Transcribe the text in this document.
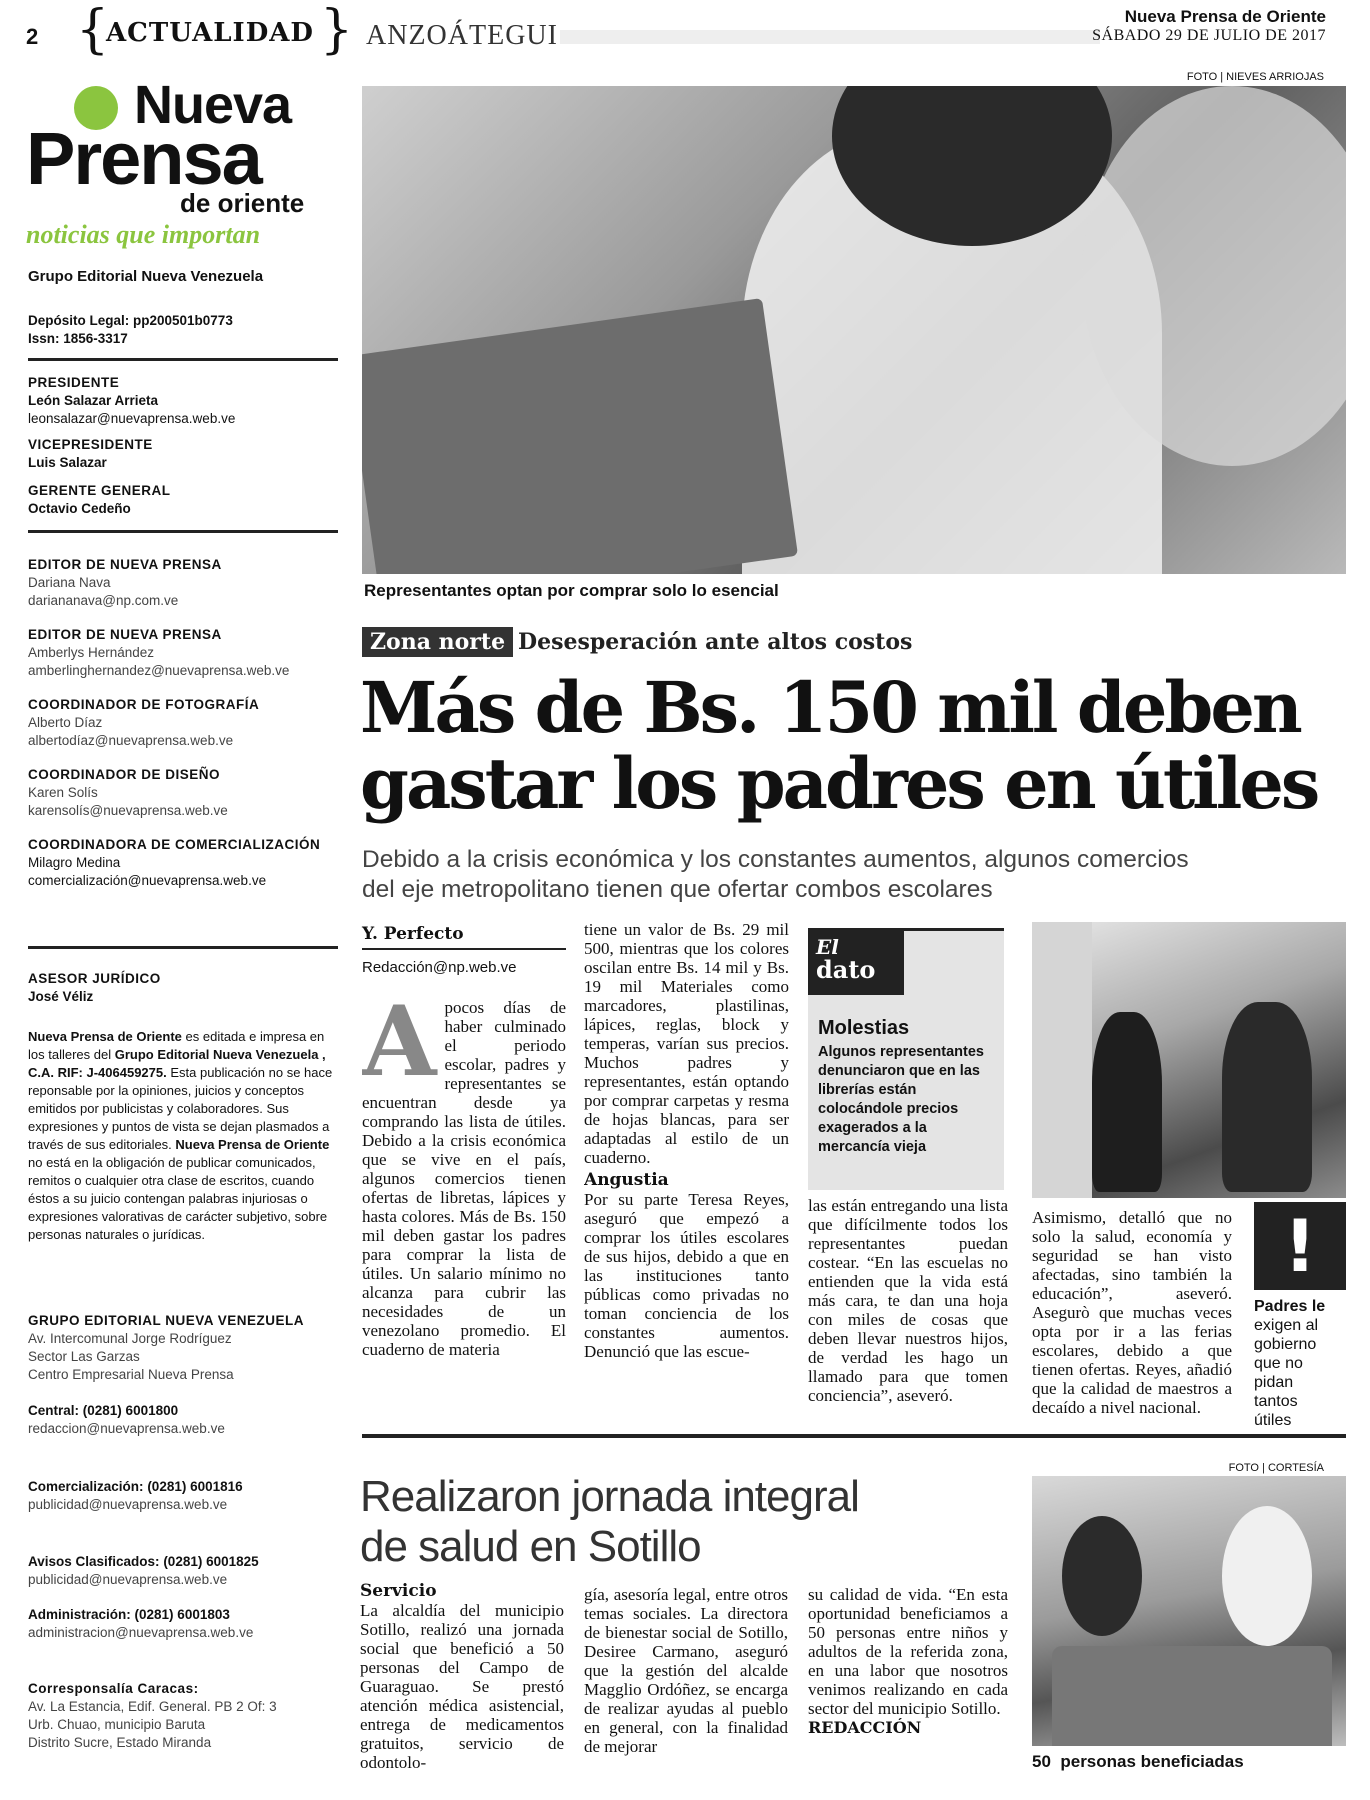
2 {
ACTUALIDAD } ANZOÁTEGUI
Nueva Prensa de Oriente
SÁBADO 29 DE JULIO DE 2017
Nueva
Prensa
de oriente
noticias que importan
Grupo Editorial Nueva Venezuela
Depósito Legal: pp200501b0773
Issn: 1856-3317
PRESIDENTE
León Salazar Arrieta
leonsalazar@nuevaprensa.web.ve
VICEPRESIDENTE
Luis Salazar
GERENTE GENERAL
Octavio Cedeño
EDITOR DE NUEVA PRENSA
Dariana Nava
dariananava@np.com.ve
EDITOR DE NUEVA PRENSA
Amberlys Hernández
amberlinghernandez@nuevaprensa.web.ve
COORDINADOR DE FOTOGRAFÍA
Alberto Díaz
albertodíaz@nuevaprensa.web.ve
COORDINADOR DE DISEÑO
Karen Solís
karensolís@nuevaprensa.web.ve
COORDINADORA DE COMERCIALIZACIÓN
Milagro Medina
comercialización@nuevaprensa.web.ve
ASESOR JURÍDICO
José Véliz
Nueva Prensa de Oriente es editada e impresa en los talleres del Grupo Editorial Nueva Venezuela , C.A. RIF: J-406459275. Esta publicación no se hace reponsable por la opiniones, juicios y conceptos emitidos por publicistas y colaboradores. Sus expresiones y puntos de vista se dejan plasmados a través de sus editoriales. Nueva Prensa de Oriente no está en la obligación de publicar comunicados, remitos o cualquier otra clase de escritos, cuando éstos a su juicio contengan palabras injuriosas o expresiones valorativas de carácter subjetivo, sobre personas naturales o jurídicas.
GRUPO EDITORIAL NUEVA VENEZUELA
Av. Intercomunal Jorge Rodríguez
Sector Las Garzas
Centro Empresarial Nueva Prensa
Central: (0281) 6001800
redaccion@nuevaprensa.web.ve
Comercialización: (0281) 6001816
publicidad@nuevaprensa.web.ve
Avisos Clasificados: (0281) 6001825
publicidad@nuevaprensa.web.ve
Administración: (0281) 6001803
administracion@nuevaprensa.web.ve
Corresponsalía Caracas:
Av. La Estancia, Edif. General. PB 2 Of: 3
Urb. Chuao, municipio Baruta
Distrito Sucre, Estado Miranda
FOTO | NIEVES ARRIOJAS
Representantes optan por comprar solo lo esencial
Zona norte Desesperación ante altos costos
Más de Bs. 150 mil deben
gastar los padres en útiles
Debido a la crisis económica y los constantes aumentos, algunos comercios
del eje metropolitano tienen que ofertar combos escolares
Y. Perfecto
Redacción@np.web.ve
A pocos días de haber culminado el periodo escolar, padres y representantes se encuentran desde ya comprando las lista de útiles. Debido a la crisis económica que se vive en el país, algunos comercios tienen ofertas de libretas, lápices y hasta colores. Más de Bs. 150 mil deben gastar los padres para comprar la lista de útiles. Un salario mínimo no alcanza para cubrir las necesidades de un venezolano promedio. El cuaderno de materia
tiene un valor de Bs. 29 mil 500, mientras que los colores oscilan entre Bs. 14 mil y Bs. 19 mil Materiales como marcadores, plastilinas, lápices, reglas, block y temperas, varían sus precios. Muchos padres y representantes, están optando por comprar carpetas y resma de hojas blancas, para ser adaptadas al estilo de un cuaderno.
Angustia
Por su parte Teresa Reyes, aseguró que empezó a comprar los útiles escolares de sus hijos, debido a que en las instituciones tanto públicas como privadas no toman conciencia de los constantes aumentos. Denunció que las escue-
El
dato
Molestias
Algunos representantes denunciaron que en las librerías están colocándole precios exagerados a la mercancía vieja
las están entregando una lista que difícilmente todos los representantes puedan costear. “En las escuelas no entienden que la vida está más cara, te dan una hoja con miles de cosas que deben llevar nuestros hijos, de verdad les hago un llamado para que tomen conciencia”, aseveró.
Asimismo, detalló que no solo la salud, economía y seguridad se han visto afectadas, sino también la educación”, aseveró. Asegurò que muchas veces opta por ir a las ferias escolares, debido a que tienen ofertas. Reyes, añadió que la calidad de maestros a decaído a nivel nacional.
!
Padres le
exigen al gobierno que no pidan tantos útiles
FOTO | CORTESÍA
Realizaron jornada integral
de salud en Sotillo
Servicio
La alcaldía del municipio Sotillo, realizó una jornada social que benefició a 50 personas del Campo de Guaraguao. Se prestó atención médica asistencial, entrega de medicamentos gratuitos, servicio de odontolo-
gía, asesoría legal, entre otros temas sociales. La directora de bienestar social de Sotillo, Desiree Carmano, aseguró que la gestión del alcalde Magglio Ordóñez, se encarga de realizar ayudas al pueblo en general, con la finalidad de mejorar
su calidad de vida. “En esta oportunidad beneficiamos a 50 personas entre niños y adultos de la referida zona, en una labor que nosotros venimos realizando en cada sector del municipio Sotillo.
REDACCIÓN
50  personas beneficiadas
